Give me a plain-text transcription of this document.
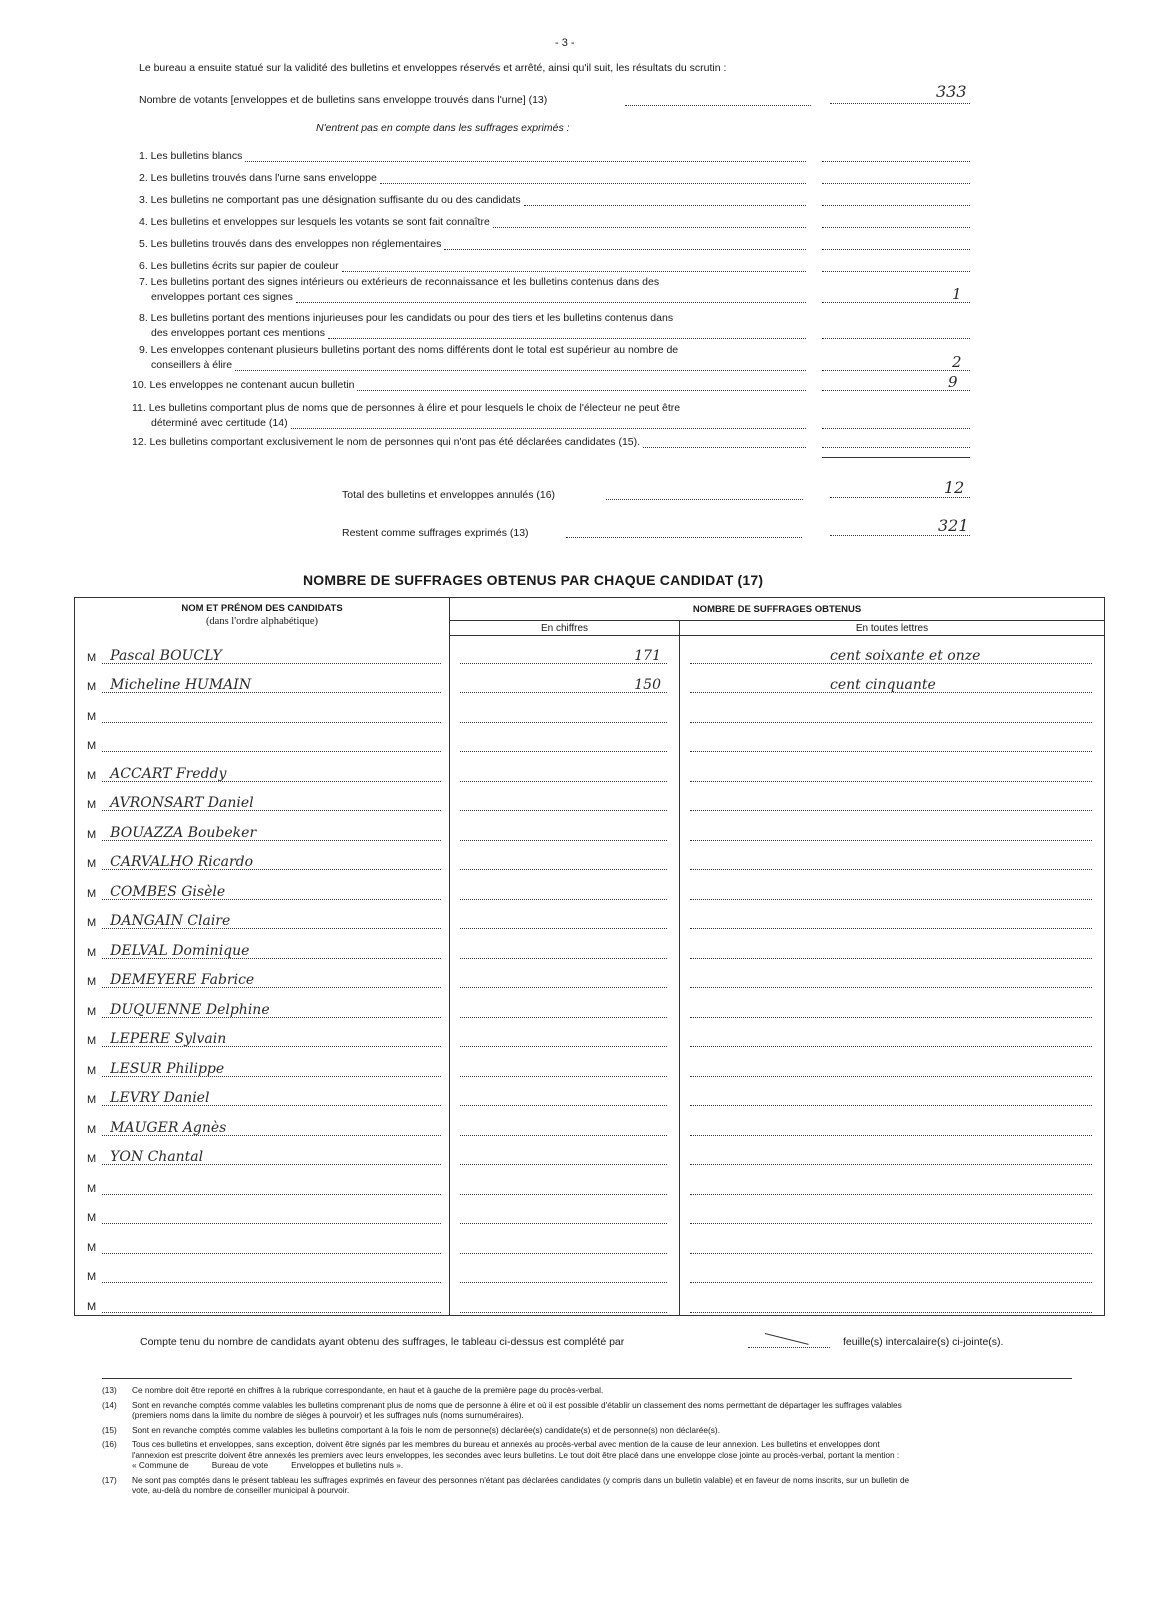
- 3 -
Le bureau a ensuite statué sur la validité des bulletins et enveloppes réservés et arrêté, ainsi qu'il suit, les résultats du scrutin :
Nombre de votants [enveloppes et de bulletins sans enveloppe trouvés dans l'urne] (13)	333
N'entrent pas en compte dans les suffrages exprimés :
1. Les bulletins blancs
2. Les bulletins trouvés dans l'urne sans enveloppe
3. Les bulletins ne comportant pas une désignation suffisante du ou des candidats
4. Les bulletins et enveloppes sur lesquels les votants se sont fait connaître
5. Les bulletins trouvés dans des enveloppes non réglementaires
6. Les bulletins écrits sur papier de couleur
7. Les bulletins portant des signes intérieurs ou extérieurs de reconnaissance et les bulletins contenus dans des
enveloppes portant ces signes	1
8. Les bulletins portant des mentions injurieuses pour les candidats ou pour des tiers et les bulletins contenus dans
des enveloppes portant ces mentions
9. Les enveloppes contenant plusieurs bulletins portant des noms différents dont le total est supérieur au nombre de
conseillers à élire	2
10. Les enveloppes ne contenant aucun bulletin	9
11. Les bulletins comportant plus de noms que de personnes à élire et pour lesquels le choix de l'électeur ne peut être
déterminé avec certitude (14)
12. Les bulletins comportant exclusivement le nom de personnes qui n'ont pas été déclarées candidates (15).
Total des bulletins et enveloppes annulés (16)	12
Restent comme suffrages exprimés (13)	321
NOMBRE DE SUFFRAGES OBTENUS PAR CHAQUE CANDIDAT (17)
NOM ET PRÉNOM DES CANDIDATS
(dans l'ordre alphabétique)	NOMBRE DE SUFFRAGES OBTENUS	
	En chiffres	En toutes lettres

M Pascal BOUCLY	171	cent soixante et onze

M Micheline HUMAIN	150	cent cinquante

M		

M		

M ACCART Freddy		

M AVRONSART Daniel		

M BOUAZZA Boubeker		

M CARVALHO Ricardo		

M COMBES Gisèle		

M DANGAIN Claire		

M DELVAL Dominique		

M DEMEYERE Fabrice		

M DUQUENNE Delphine		

M LEPERE Sylvain		

M LESUR Philippe		

M LEVRY Daniel		

M MAUGER Agnès		

M YON Chantal		

M		

M		

M		

M		

M		

Compte tenu du nombre de candidats ayant obtenu des suffrages, le tableau ci-dessus est complété par	feuille(s) intercalaire(s) ci-jointe(s).
(13) Ce nombre doit être reporté en chiffres à la rubrique correspondante, en haut et à gauche de la première page du procès-verbal.
(14) Sont en revanche comptés comme valables les bulletins comprenant plus de noms que de personne à élire et où il est possible d'établir un classement des noms permettant de départager les suffrages valables
(premiers noms dans la limite du nombre de sièges à pourvoir) et les suffrages nuls (noms surnuméraires).
(15) Sont en revanche comptés comme valables les bulletins comportant à la fois le nom de personne(s) déclarée(s) candidate(s) et de personne(s) non déclarée(s).
(16) Tous ces bulletins et enveloppes, sans exception, doivent être signés par les membres du bureau et annexés au procès-verbal avec mention de la cause de leur annexion. Les bulletins et enveloppes dont
l'annexion est prescrite doivent être annexés les premiers avec leurs enveloppes, les secondes avec leurs bulletins. Le tout doit être placé dans une enveloppe close jointe au procès-verbal, portant la mention :
« Commune de          Bureau de vote          Enveloppes et bulletins nuls ».
(17) Ne sont pas comptés dans le présent tableau les suffrages exprimés en faveur des personnes n'étant pas déclarées candidates (y compris dans un bulletin valable) et en faveur de noms inscrits, sur un bulletin de
vote, au-delà du nombre de conseiller municipal à pourvoir.
